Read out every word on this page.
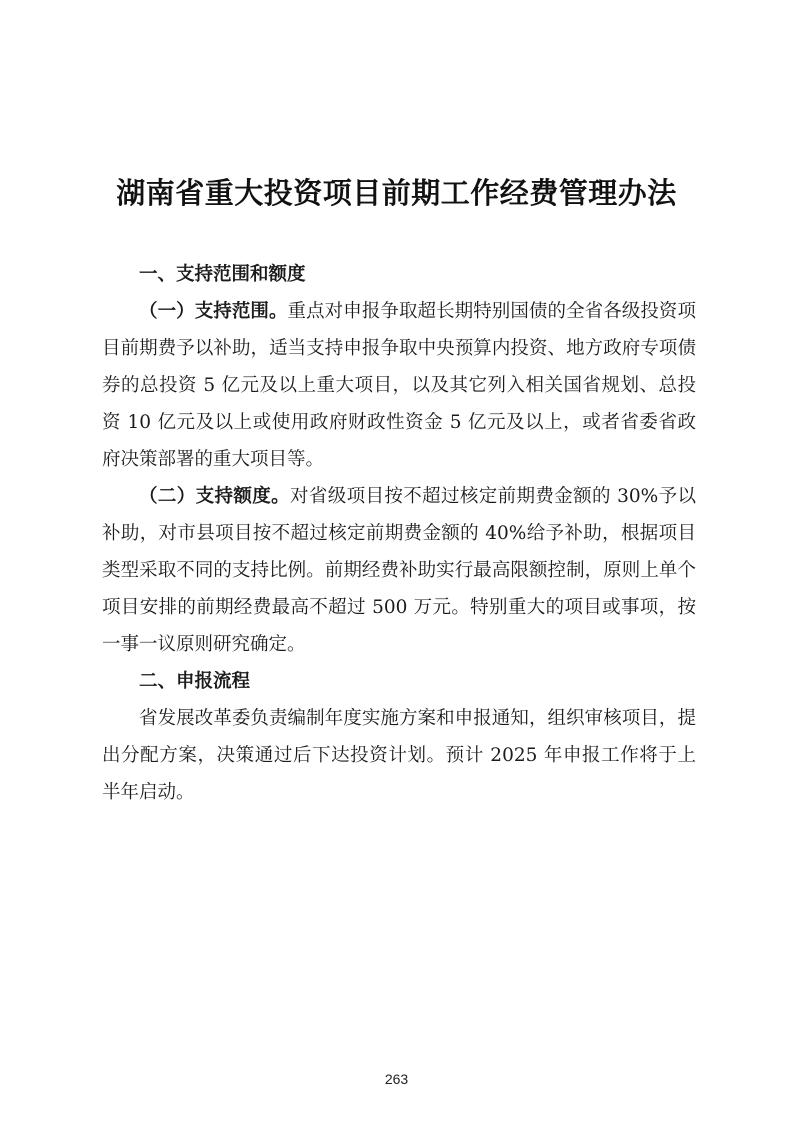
湖南省重大投资项目前期工作经费管理办法
一、支持范围和额度

（一）支持范围。重点对申报争取超长期特别国债的全省各级投资项目前期费予以补助，适当支持申报争取中央预算内投资、地方政府专项债券的总投资 5 亿元及以上重大项目，以及其它列入相关国省规划、总投资 10 亿元及以上或使用政府财政性资金 5 亿元及以上，或者省委省政府决策部署的重大项目等。

（二）支持额度。对省级项目按不超过核定前期费金额的 30%予以补助，对市县项目按不超过核定前期费金额的 40%给予补助，根据项目类型采取不同的支持比例。前期经费补助实行最高限额控制，原则上单个项目安排的前期经费最高不超过 500 万元。特别重大的项目或事项，按一事一议原则研究确定。

二、申报流程

省发展改革委负责编制年度实施方案和申报通知，组织审核项目，提出分配方案，决策通过后下达投资计划。预计 2025 年申报工作将于上半年启动。

263
